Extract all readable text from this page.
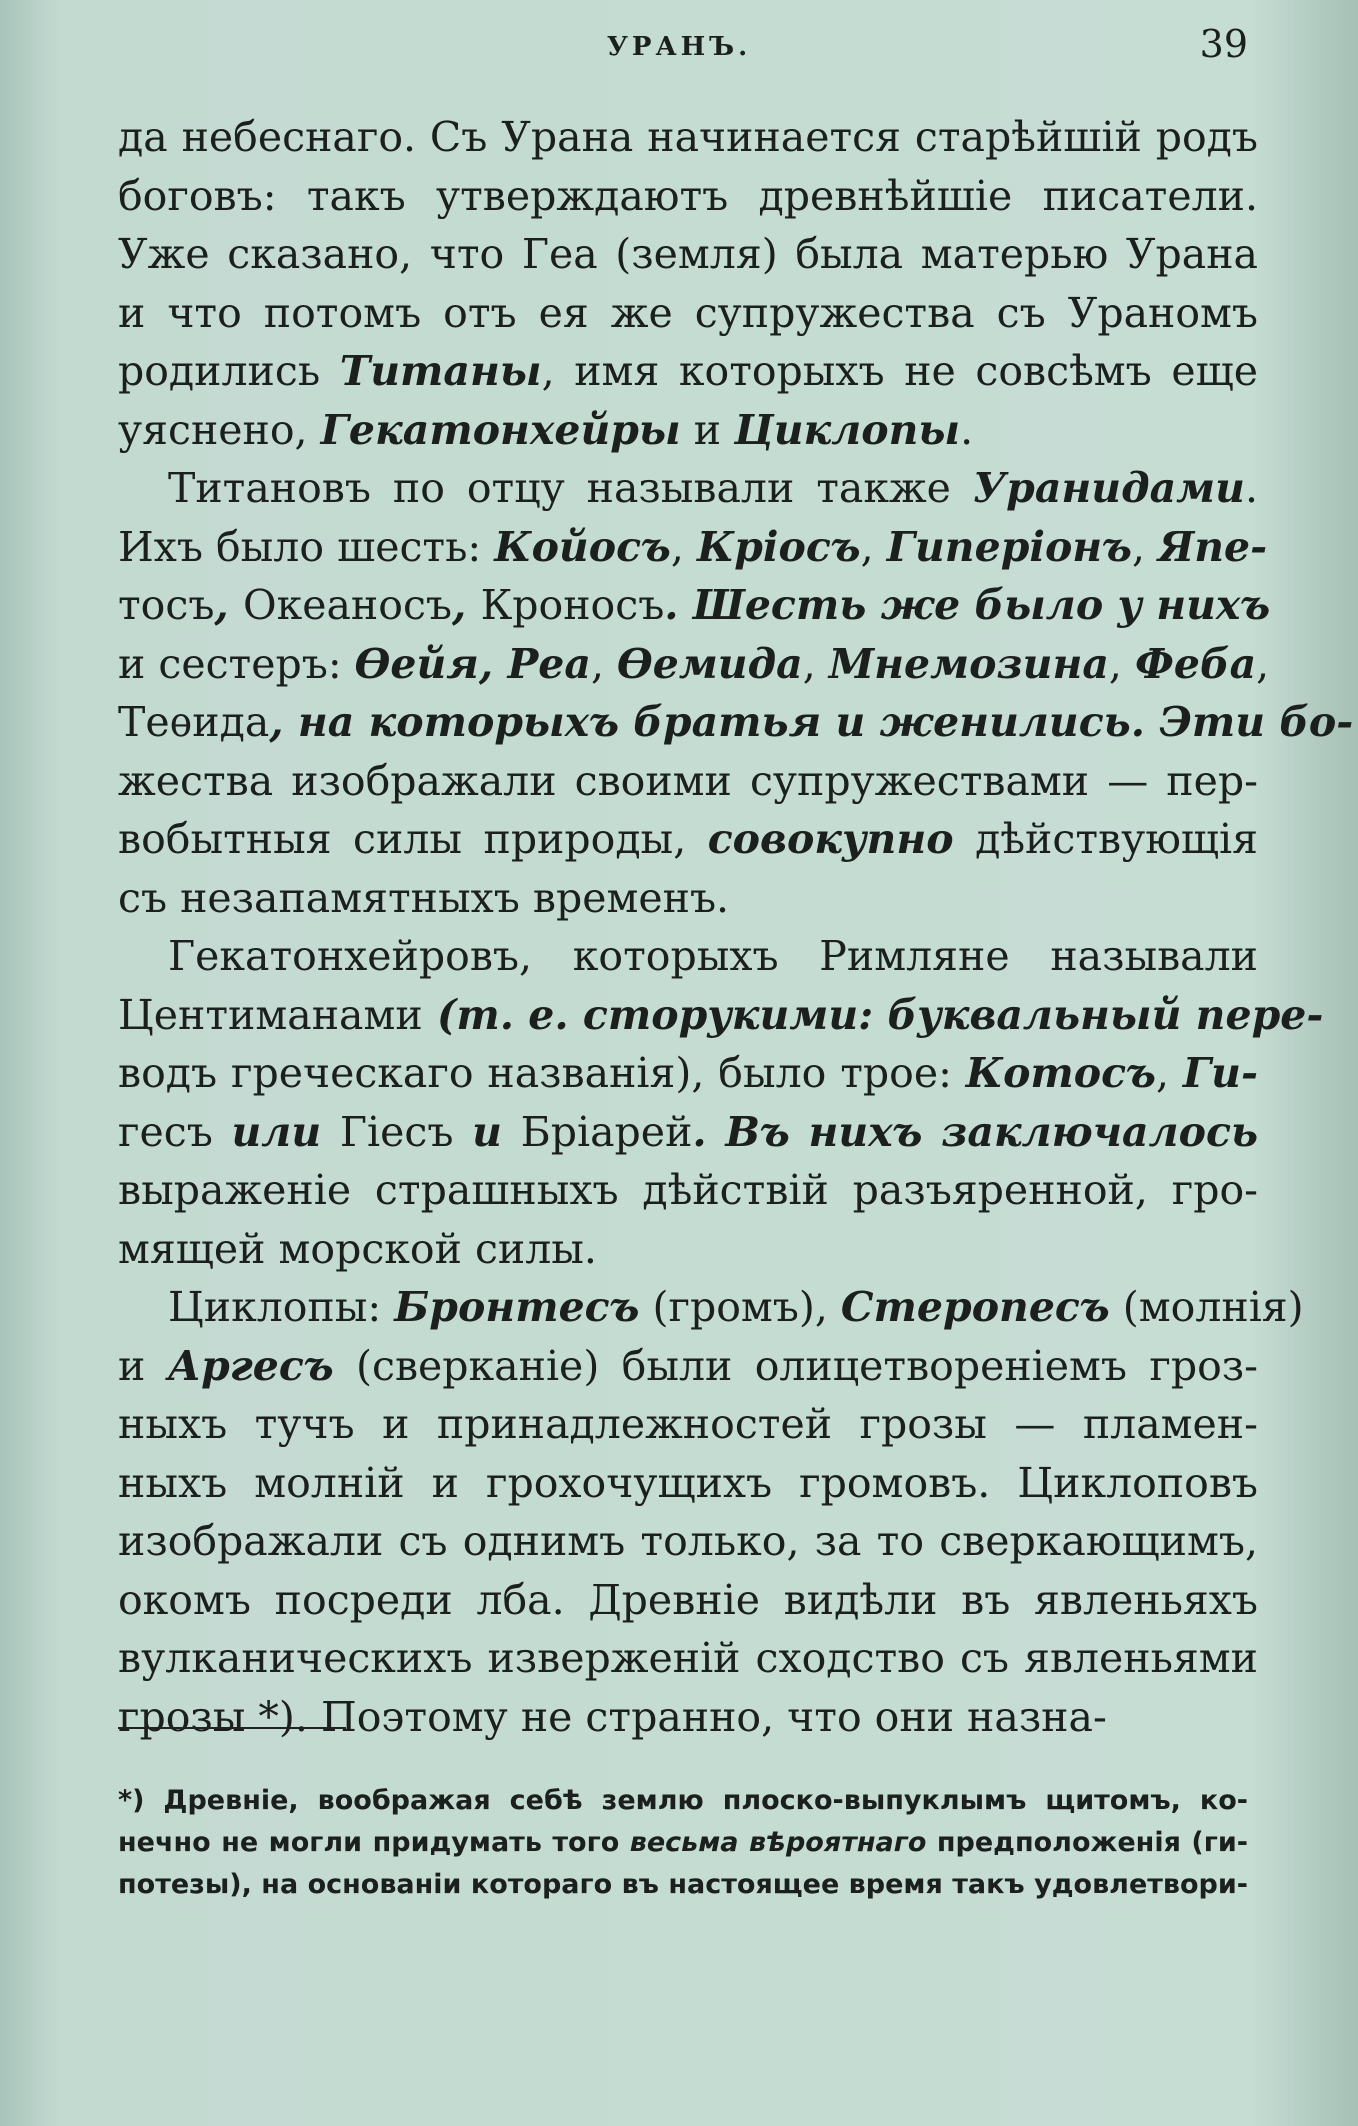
УРАНЪ.	39
да небеснаго. Съ Урана начинается старѣйшій родъ
боговъ: такъ утверждаютъ древнѣйшіе писатели.
Уже сказано, что Геа (земля) была матерью Урана
и что потомъ отъ ея же супружества съ Ураномъ
родились Титаны, имя которыхъ не совсѣмъ еще
уяснено, Гекатонхейры и Циклопы.
Титановъ по отцу называли также Уранидами.
Ихъ было шесть: Койосъ, Кріосъ, Гиперіонъ, Япе-
тосъ, Океаносъ, Кроносъ. Шесть же было у нихъ
и сестеръ: Ѳейя, Реа, Ѳемида, Мнемозина, Феба,
Теѳида, на которыхъ братья и женились. Эти бо-
жества изображали своими супружествами — пер-
вобытныя силы природы, совокупно дѣйствующія
съ незапамятныхъ временъ.
Гекатонхейровъ, которыхъ Римляне называли
Центиманами (т. е. сторукими: буквальный пере-
водъ греческаго названія), было трое: Котосъ, Ги-
гесъ или Гіесъ и Бріарей. Въ нихъ заключалось
выраженіе страшныхъ дѣйствій разъяренной, гро-
мящей морской силы.
Циклопы: Бронтесъ (громъ), Стеропесъ (молнія)
и Аргесъ (сверканіе) были олицетвореніемъ гроз-
ныхъ тучъ и принадлежностей грозы — пламен-
ныхъ молній и грохочущихъ громовъ. Циклоповъ
изображали съ однимъ только, за то сверкающимъ,
окомъ посреди лба. Древніе видѣли въ явленьяхъ
вулканическихъ изверженій сходство съ явленьями
грозы *). Поэтому не странно, что они назна-
*) Древніе, воображая себѣ землю плоско-выпуклымъ щитомъ, ко-
нечно не могли придумать того весьма вѣроятнаго предположенія (ги-
потезы), на основаніи котораго въ настоящее время такъ удовлетвори-
